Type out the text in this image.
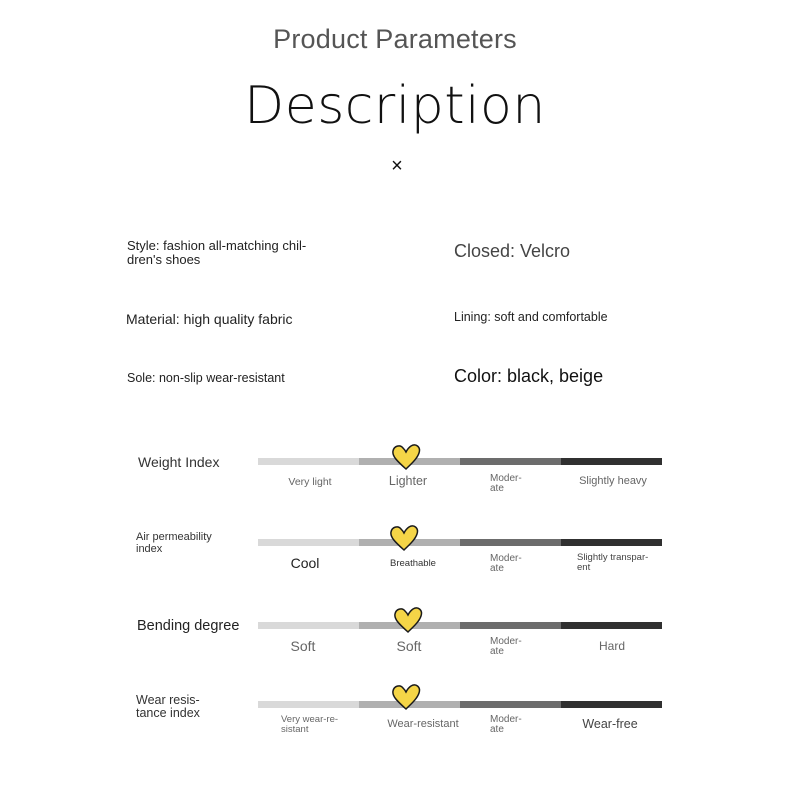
Product Parameters
Description
×
Style: fashion all-matching chil-
dren's shoes	Closed: Velcro
Material: high quality fabric	Lining: soft and comfortable
Sole: non-slip wear-resistant	Color: black, beige
Weight Index
Very light	Lighter	Moder-
ate
Slightly heavy
Air permeability
index
Cool	Breathable	Moder-
ate
Slightly transpar-
ent
Bending degree
Soft	Soft	Moder-
ate	Hard
Wear resis-
tance index	Very wear-re-
sistant	Wear-resistant	Moder-
ate	Wear-free
